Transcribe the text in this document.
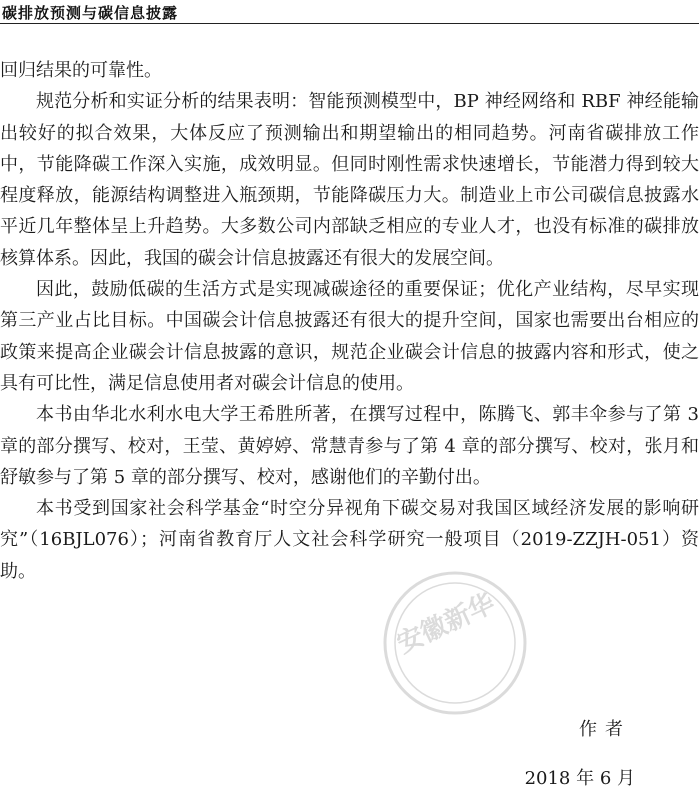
碳排放预测与碳信息披露

回归结果的可靠性。

规范分析和实证分析的结果表明：智能预测模型中，BP 神经网络和 RBF 神经能输出较好的拟合效果，大体反应了预测输出和期望输出的相同趋势。河南省碳排放工作中，节能降碳工作深入实施，成效明显。但同时刚性需求快速增长，节能潜力得到较大程度释放，能源结构调整进入瓶颈期，节能降碳压力大。制造业上市公司碳信息披露水平近几年整体呈上升趋势。大多数公司内部缺乏相应的专业人才，也没有标准的碳排放核算体系。因此，我国的碳会计信息披露还有很大的发展空间。

因此，鼓励低碳的生活方式是实现减碳途径的重要保证；优化产业结构，尽早实现第三产业占比目标。中国碳会计信息披露还有很大的提升空间，国家也需要出台相应的政策来提高企业碳会计信息披露的意识，规范企业碳会计信息的披露内容和形式，使之具有可比性，满足信息使用者对碳会计信息的使用。

本书由华北水利水电大学王希胜所著，在撰写过程中，陈腾飞、郭丰伞参与了第 3 章的部分撰写、校对，王莹、黄婷婷、常慧青参与了第 4 章的部分撰写、校对，张月和舒敏参与了第 5 章的部分撰写、校对，感谢他们的辛勤付出。

本书受到国家社会科学基金“时空分异视角下碳交易对我国区域经济发展的影响研究”（16BJL076）；河南省教育厅人文社会科学研究一般项目（2019-ZZJH-051）资助。

安徽新华
作者
2018 年 6 月
